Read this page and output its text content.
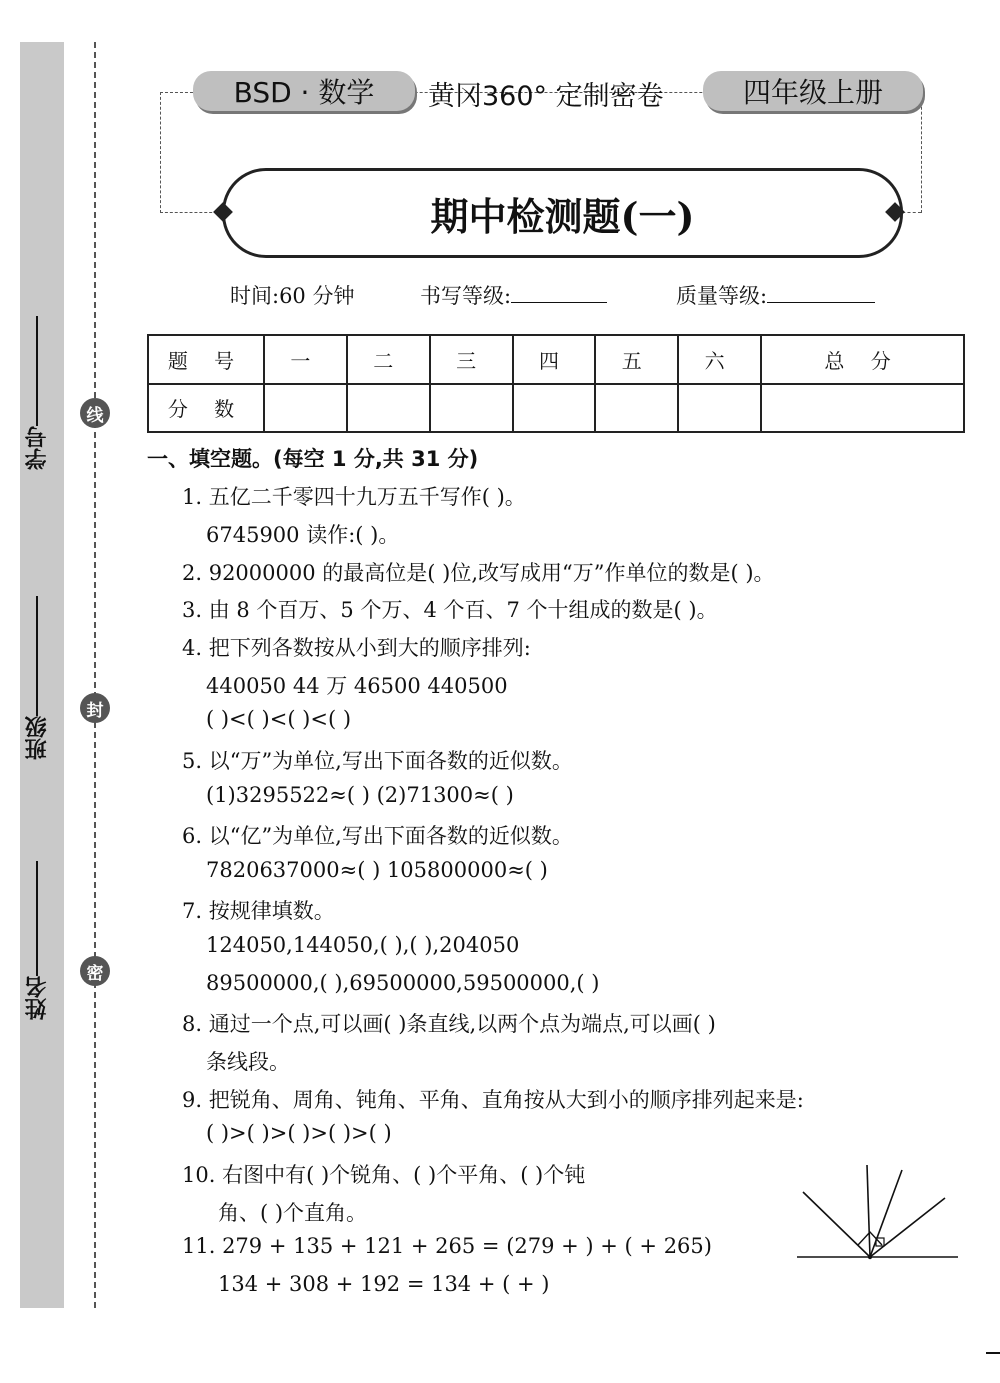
学号
班级
姓名
线
封
密
BSD · 数学	黄冈360° 定制密卷	四年级上册
期中检测题(一)
时间:60 分钟	书写等级:	质量等级:
题 号	一	二	三	四	五	六	总 分
分 数							
一、填空题。(每空 1 分,共 31 分)
1. 五亿二千零四十九万五千写作( )。
6745900 读作:( )。
2. 92000000 的最高位是( )位,改写成用“万”作单位的数是( )。
3. 由 8 个百万、5 个万、4 个百、7 个十组成的数是( )。
4. 把下列各数按从小到大的顺序排列:
440050 44 万 46500 440500
( )<( )<( )<( )
5. 以“万”为单位,写出下面各数的近似数。
(1)3295522≈( ) (2)71300≈( )
6. 以“亿”为单位,写出下面各数的近似数。
7820637000≈( ) 105800000≈( )
7. 按规律填数。
124050,144050,( ),( ),204050
89500000,( ),69500000,59500000,( )
8. 通过一个点,可以画( )条直线,以两个点为端点,可以画( )
条线段。
9. 把锐角、周角、钝角、平角、直角按从大到小的顺序排列起来是:
( )>( )>( )>( )>( )
10. 右图中有( )个锐角、( )个平角、( )个钝
角、( )个直角。
11. 279 + 135 + 121 + 265 = (279 + ) + ( + 265)
134 + 308 + 192 = 134 + ( + )
